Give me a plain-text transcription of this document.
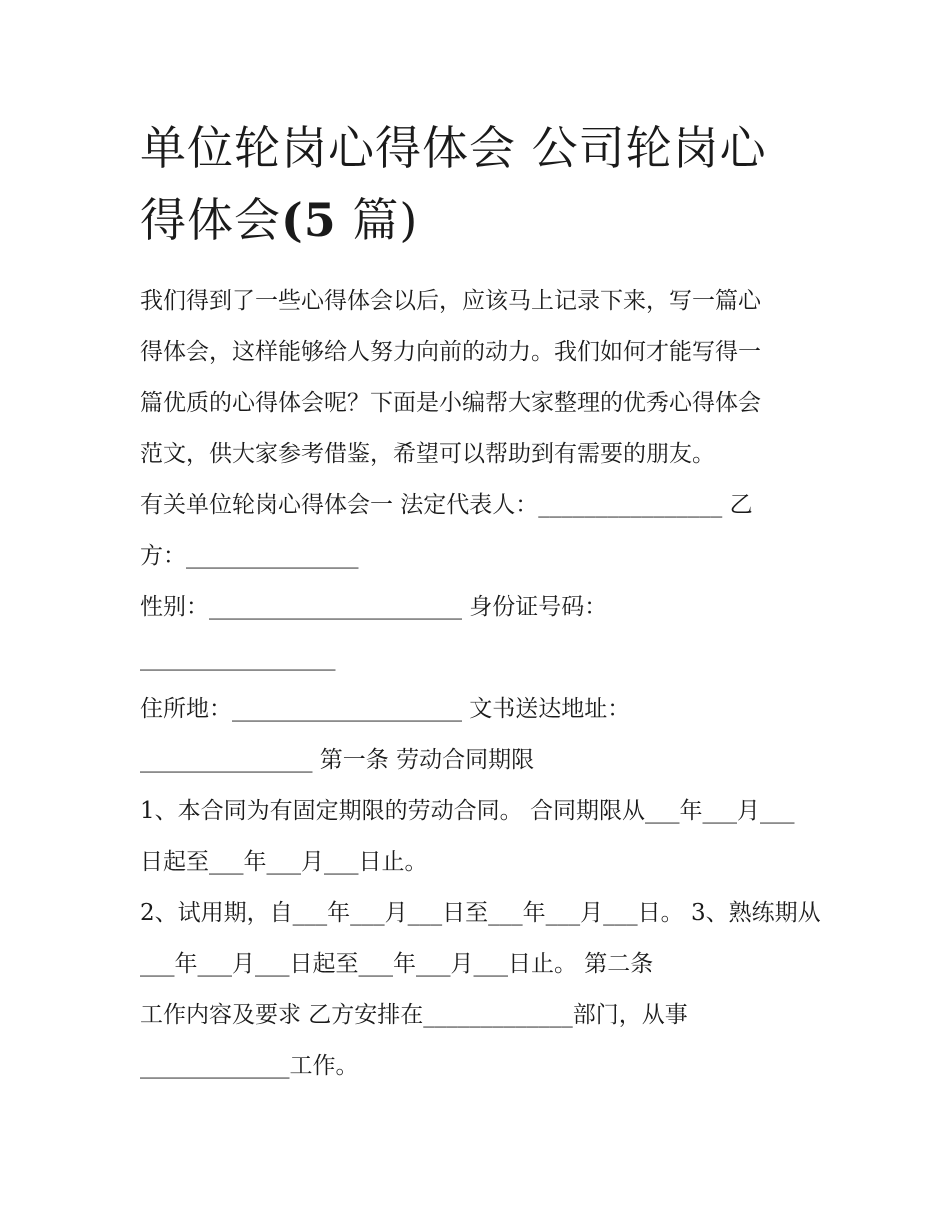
单位轮岗心得体会 公司轮岗心
得体会(5 篇)
我们得到了一些心得体会以后，应该马上记录下来，写一篇心
得体会，这样能够给人努力向前的动力。我们如何才能写得一
篇优质的心得体会呢？下面是小编帮大家整理的优秀心得体会
范文，供大家参考借鉴，希望可以帮助到有需要的朋友。
有关单位轮岗心得体会一 法定代表人：________________ 乙
方：_______________
性别：______________________ 身份证号码：
_________________
住所地：____________________ 文书送达地址：
_______________ 第一条 劳动合同期限
1、本合同为有固定期限的劳动合同。 合同期限从___年___月___
日起至___年___月___日止。
2、试用期，自___年___月___日至___年___月___日。 3、熟练期从
___年___月___日起至___年___月___日止。 第二条
工作内容及要求 乙方安排在_____________部门，从事
_____________工作。
